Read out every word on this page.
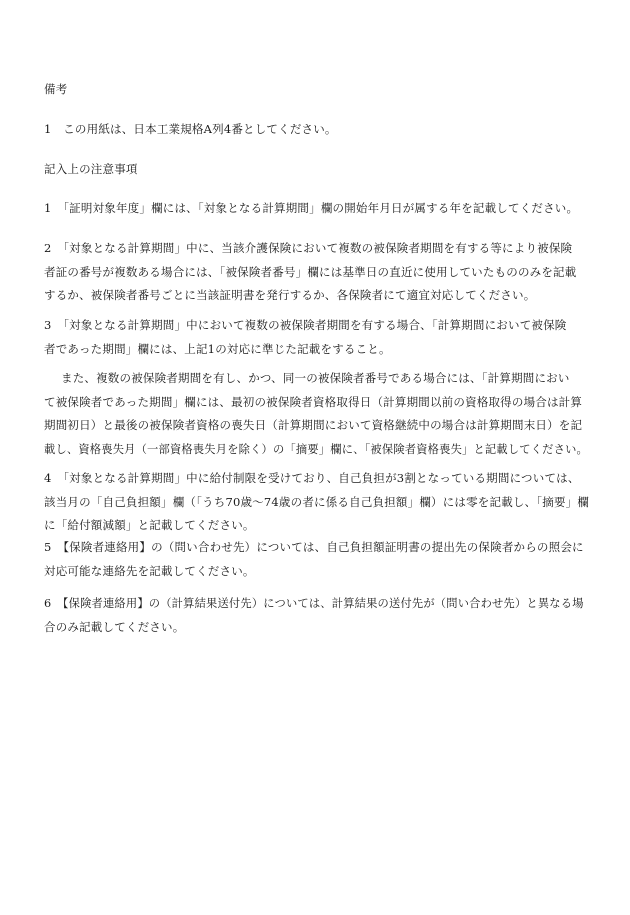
備考
1　この用紙は、日本工業規格A列4番としてください。
記入上の注意事項
1　「証明対象年度」欄には、「対象となる計算期間」欄の開始年月日が属する年を記載してください。
2　「対象となる計算期間」中に、当該介護保険において複数の被保険者期間を有する等により被保険
者証の番号が複数ある場合には、「被保険者番号」欄には基準日の直近に使用していたもののみを記載
するか、被保険者番号ごとに当該証明書を発行するか、各保険者にて適宜対応してください。
3　「対象となる計算期間」中において複数の被保険者期間を有する場合、「計算期間において被保険
者であった期間」欄には、上記1の対応に準じた記載をすること。
また、複数の被保険者期間を有し、かつ、同一の被保険者番号である場合には、「計算期間におい
て被保険者であった期間」欄には、最初の被保険者資格取得日（計算期間以前の資格取得の場合は計算
期間初日）と最後の被保険者資格の喪失日（計算期間において資格継続中の場合は計算期間末日）を記
載し、資格喪失月（一部資格喪失月を除く）の「摘要」欄に、「被保険者資格喪失」と記載してください。
4　「対象となる計算期間」中に給付制限を受けており、自己負担が3割となっている期間については、
該当月の「自己負担額」欄（「うち70歳～74歳の者に係る自己負担額」欄）には零を記載し、「摘要」欄
に「給付額減額」と記載してください。
5　【保険者連絡用】の（問い合わせ先）については、自己負担額証明書の提出先の保険者からの照会に
対応可能な連絡先を記載してください。
6　【保険者連絡用】の（計算結果送付先）については、計算結果の送付先が（問い合わせ先）と異なる場
合のみ記載してください。
